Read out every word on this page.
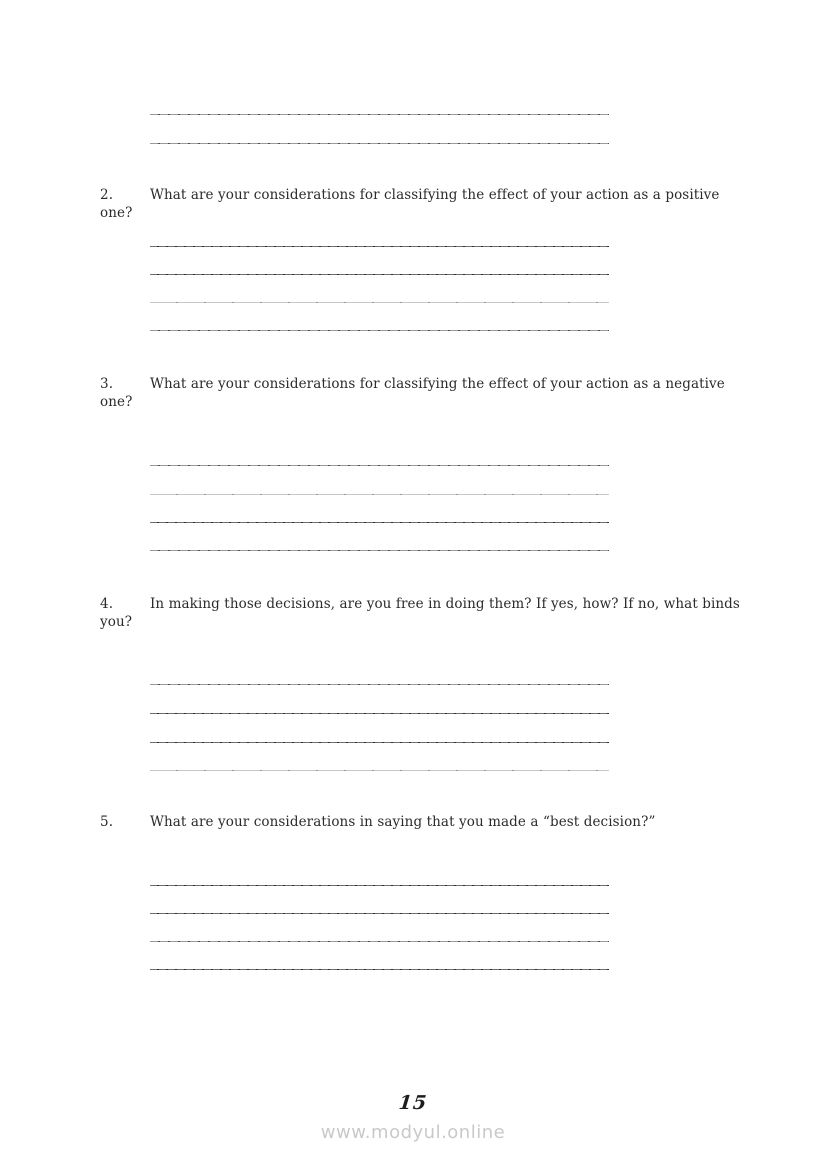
2.	What are your considerations for classifying the effect of your action as a positive
one?
3.	What are your considerations for classifying the effect of your action as a negative
one?
4.	In making those decisions, are you free in doing them? If yes, how? If no, what binds
you?
5.	What are your considerations in saying that you made a “best decision?”
15
www.modyul.online
